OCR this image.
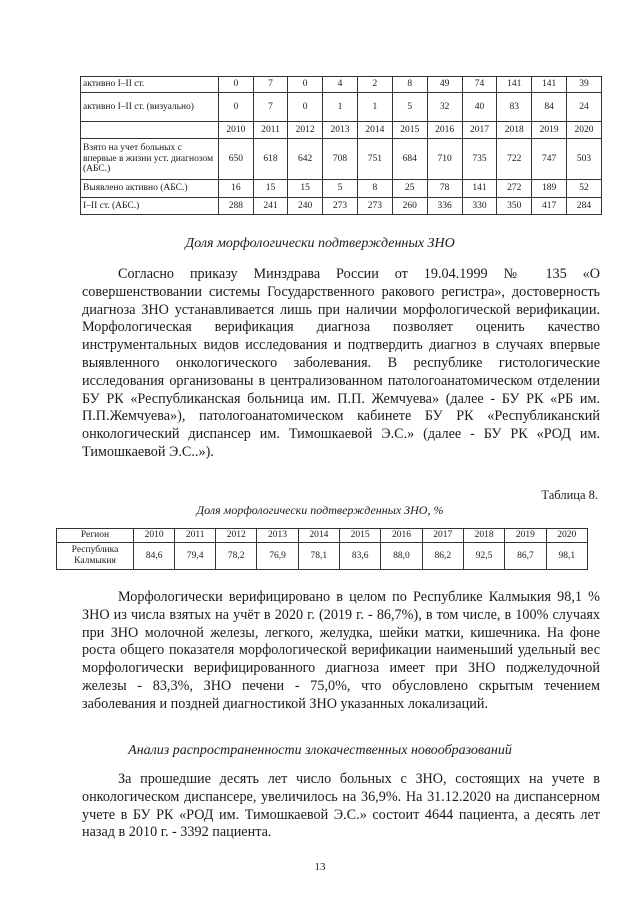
активно I–II ст.	0	7	0	4	2	8	49	74	141	141	39
активно I–II ст. (визуально)	0	7	0	1	1	5	32	40	83	84	24
	2010	2011	2012	2013	2014	2015	2016	2017	2018	2019	2020
Взято на учет больных с впервые в жизни уст. диагнозом (АБС.)	650	618	642	708	751	684	710	735	722	747	503
Выявлено активно (АБС.)	16	15	15	5	8	25	78	141	272	189	52
I–II ст. (АБС.)	288	241	240	273	273	260	336	330	350	417	284
Доля морфологически подтвержденных ЗНО

Согласно приказу Минздрава России от 19.04.1999 № 135 «О совершенствовании системы Государственного ракового регистра», достоверность диагноза ЗНО устанавливается лишь при наличии морфологической верификации. Морфологическая верификация диагноза позволяет оценить качество инструментальных видов исследования и подтвердить диагноз в случаях впервые выявленного онкологического заболевания. В республике гистологические исследования организованы в централизованном патологоанатомическом отделении БУ РК «Республиканская больница им. П.П. Жемчуева» (далее - БУ РК «РБ им. П.П.Жемчуева»), патологоанатомическом кабинете БУ РК «Республиканский онкологический диспансер им. Тимошкаевой Э.С.» (далее - БУ РК «РОД им. Тимошкаевой Э.С..»).

Таблица 8.
Доля морфологически подтвержденных ЗНО, %
Регион	2010	2011	2012	2013	2014	2015	2016	2017	2018	2019	2020
Республика Калмыкия	84,6	79,4	78,2	76,9	78,1	83,6	88,0	86,2	92,5	86,7	98,1

Морфологически верифицировано в целом по Республике Калмыкия 98,1 % ЗНО из числа взятых на учёт в 2020 г. (2019 г. - 86,7%), в том числе, в 100% случаях при ЗНО молочной железы, легкого, желудка, шейки матки, кишечника. На фоне роста общего показателя морфологической верификации наименьший удельный вес морфологически верифицированного диагноза имеет при ЗНО поджелудочной железы - 83,3%, ЗНО печени - 75,0%, что обусловлено скрытым течением заболевания и поздней диагностикой ЗНО указанных локализаций.

Анализ распространенности злокачественных новообразований

За прошедшие десять лет число больных с ЗНО, состоящих на учете в онкологическом диспансере, увеличилось на 36,9%. На 31.12.2020 на диспансерном учете в БУ РК «РОД им. Тимошкаевой Э.С.» состоит 4644 пациента, а десять лет назад в 2010 г. - 3392 пациента.

13
